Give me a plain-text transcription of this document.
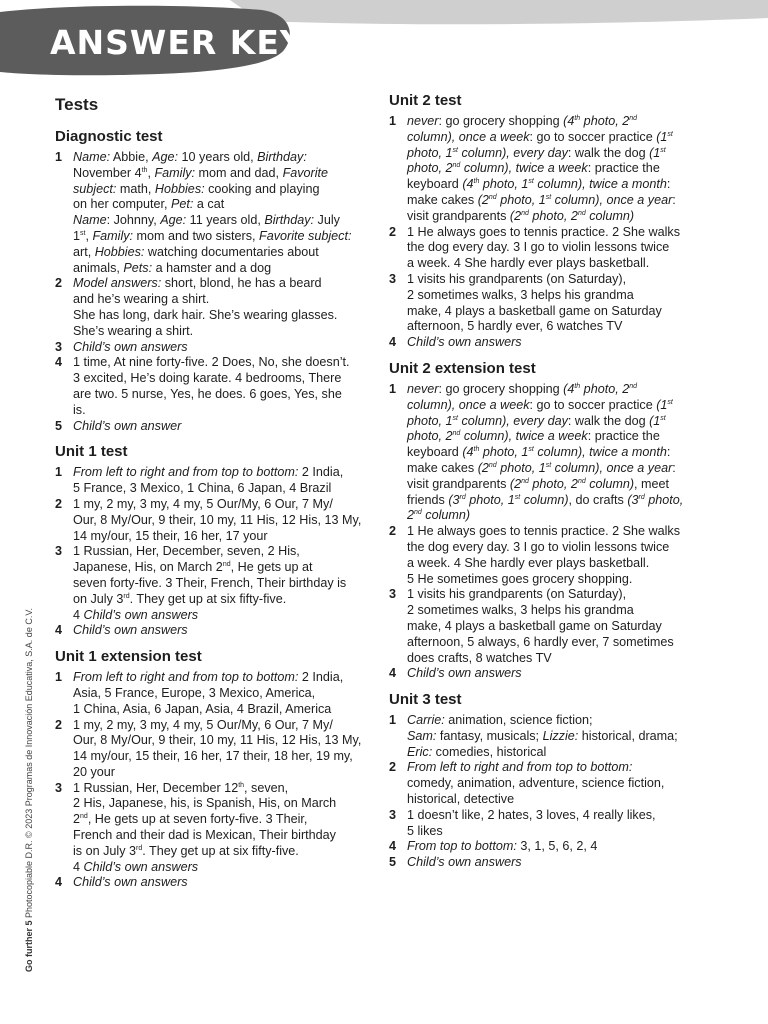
ANSWER KEY
Go further 5 Photocopiable D.R. © 2023 Programas de Innovación Educativa, S.A. de C.V.
Tests
Diagnostic test
1 Name: Abbie, Age: 10 years old, Birthday:
November 4th, Family: mom and dad, Favorite
subject: math, Hobbies: cooking and playing
on her computer, Pet: a cat
Name: Johnny, Age: 11 years old, Birthday: July
1st, Family: mom and two sisters, Favorite subject:
art, Hobbies: watching documentaries about
animals, Pets: a hamster and a dog
2 Model answers: short, blond, he has a beard
and he’s wearing a shirt.
She has long, dark hair. She’s wearing glasses.
She’s wearing a shirt.
3 Child’s own answers
4 1 time, At nine forty-five. 2 Does, No, she doesn’t.
3 excited, He’s doing karate. 4 bedrooms, There
are two. 5 nurse, Yes, he does. 6 goes, Yes, she
is.
5 Child’s own answer
Unit 1 test
1 From left to right and from top to bottom: 2 India,
5 France, 3 Mexico, 1 China, 6 Japan, 4 Brazil
2 1 my, 2 my, 3 my, 4 my, 5 Our/My, 6 Our, 7 My/
Our, 8 My/Our, 9 their, 10 my, 11 His, 12 His, 13 My,
14 my/our, 15 their, 16 her, 17 your
3 1 Russian, Her, December, seven, 2 His,
Japanese, His, on March 2nd, He gets up at
seven forty-five. 3 Their, French, Their birthday is
on July 3rd. They get up at six fifty-five.
4 Child’s own answers
4 Child’s own answers
Unit 1 extension test
1 From left to right and from top to bottom: 2 India,
Asia, 5 France, Europe, 3 Mexico, America,
1 China, Asia, 6 Japan, Asia, 4 Brazil, America
2 1 my, 2 my, 3 my, 4 my, 5 Our/My, 6 Our, 7 My/
Our, 8 My/Our, 9 their, 10 my, 11 His, 12 His, 13 My,
14 my/our, 15 their, 16 her, 17 their, 18 her, 19 my,
20 your
3 1 Russian, Her, December 12th, seven,
2 His, Japanese, his, is Spanish, His, on March
2nd, He gets up at seven forty-five. 3 Their,
French and their dad is Mexican, Their birthday
is on July 3rd. They get up at six fifty-five.
4 Child’s own answers
4 Child’s own answers
Unit 2 test
1 never: go grocery shopping (4th photo, 2nd
column), once a week: go to soccer practice (1st
photo, 1st column), every day: walk the dog (1st
photo, 2nd column), twice a week: practice the
keyboard (4th photo, 1st column), twice a month:
make cakes (2nd photo, 1st column), once a year:
visit grandparents (2nd photo, 2nd column)
2 1 He always goes to tennis practice. 2 She walks
the dog every day. 3 I go to violin lessons twice
a week. 4 She hardly ever plays basketball.
3 1 visits his grandparents (on Saturday),
2 sometimes walks, 3 helps his grandma
make, 4 plays a basketball game on Saturday
afternoon, 5 hardly ever, 6 watches TV
4 Child’s own answers
Unit 2 extension test
1 never: go grocery shopping (4th photo, 2nd
column), once a week: go to soccer practice (1st
photo, 1st column), every day: walk the dog (1st
photo, 2nd column), twice a week: practice the
keyboard (4th photo, 1st column), twice a month:
make cakes (2nd photo, 1st column), once a year:
visit grandparents (2nd photo, 2nd column), meet
friends (3rd photo, 1st column), do crafts (3rd photo,
2nd column)
2 1 He always goes to tennis practice. 2 She walks
the dog every day. 3 I go to violin lessons twice
a week. 4 She hardly ever plays basketball.
5 He sometimes goes grocery shopping.
3 1 visits his grandparents (on Saturday),
2 sometimes walks, 3 helps his grandma
make, 4 plays a basketball game on Saturday
afternoon, 5 always, 6 hardly ever, 7 sometimes
does crafts, 8 watches TV
4 Child’s own answers
Unit 3 test
1 Carrie: animation, science fiction;
Sam: fantasy, musicals; Lizzie: historical, drama;
Eric: comedies, historical
2 From left to right and from top to bottom:
comedy, animation, adventure, science fiction,
historical, detective
3 1 doesn’t like, 2 hates, 3 loves, 4 really likes,
5 likes
4 From top to bottom: 3, 1, 5, 6, 2, 4
5 Child’s own answers
